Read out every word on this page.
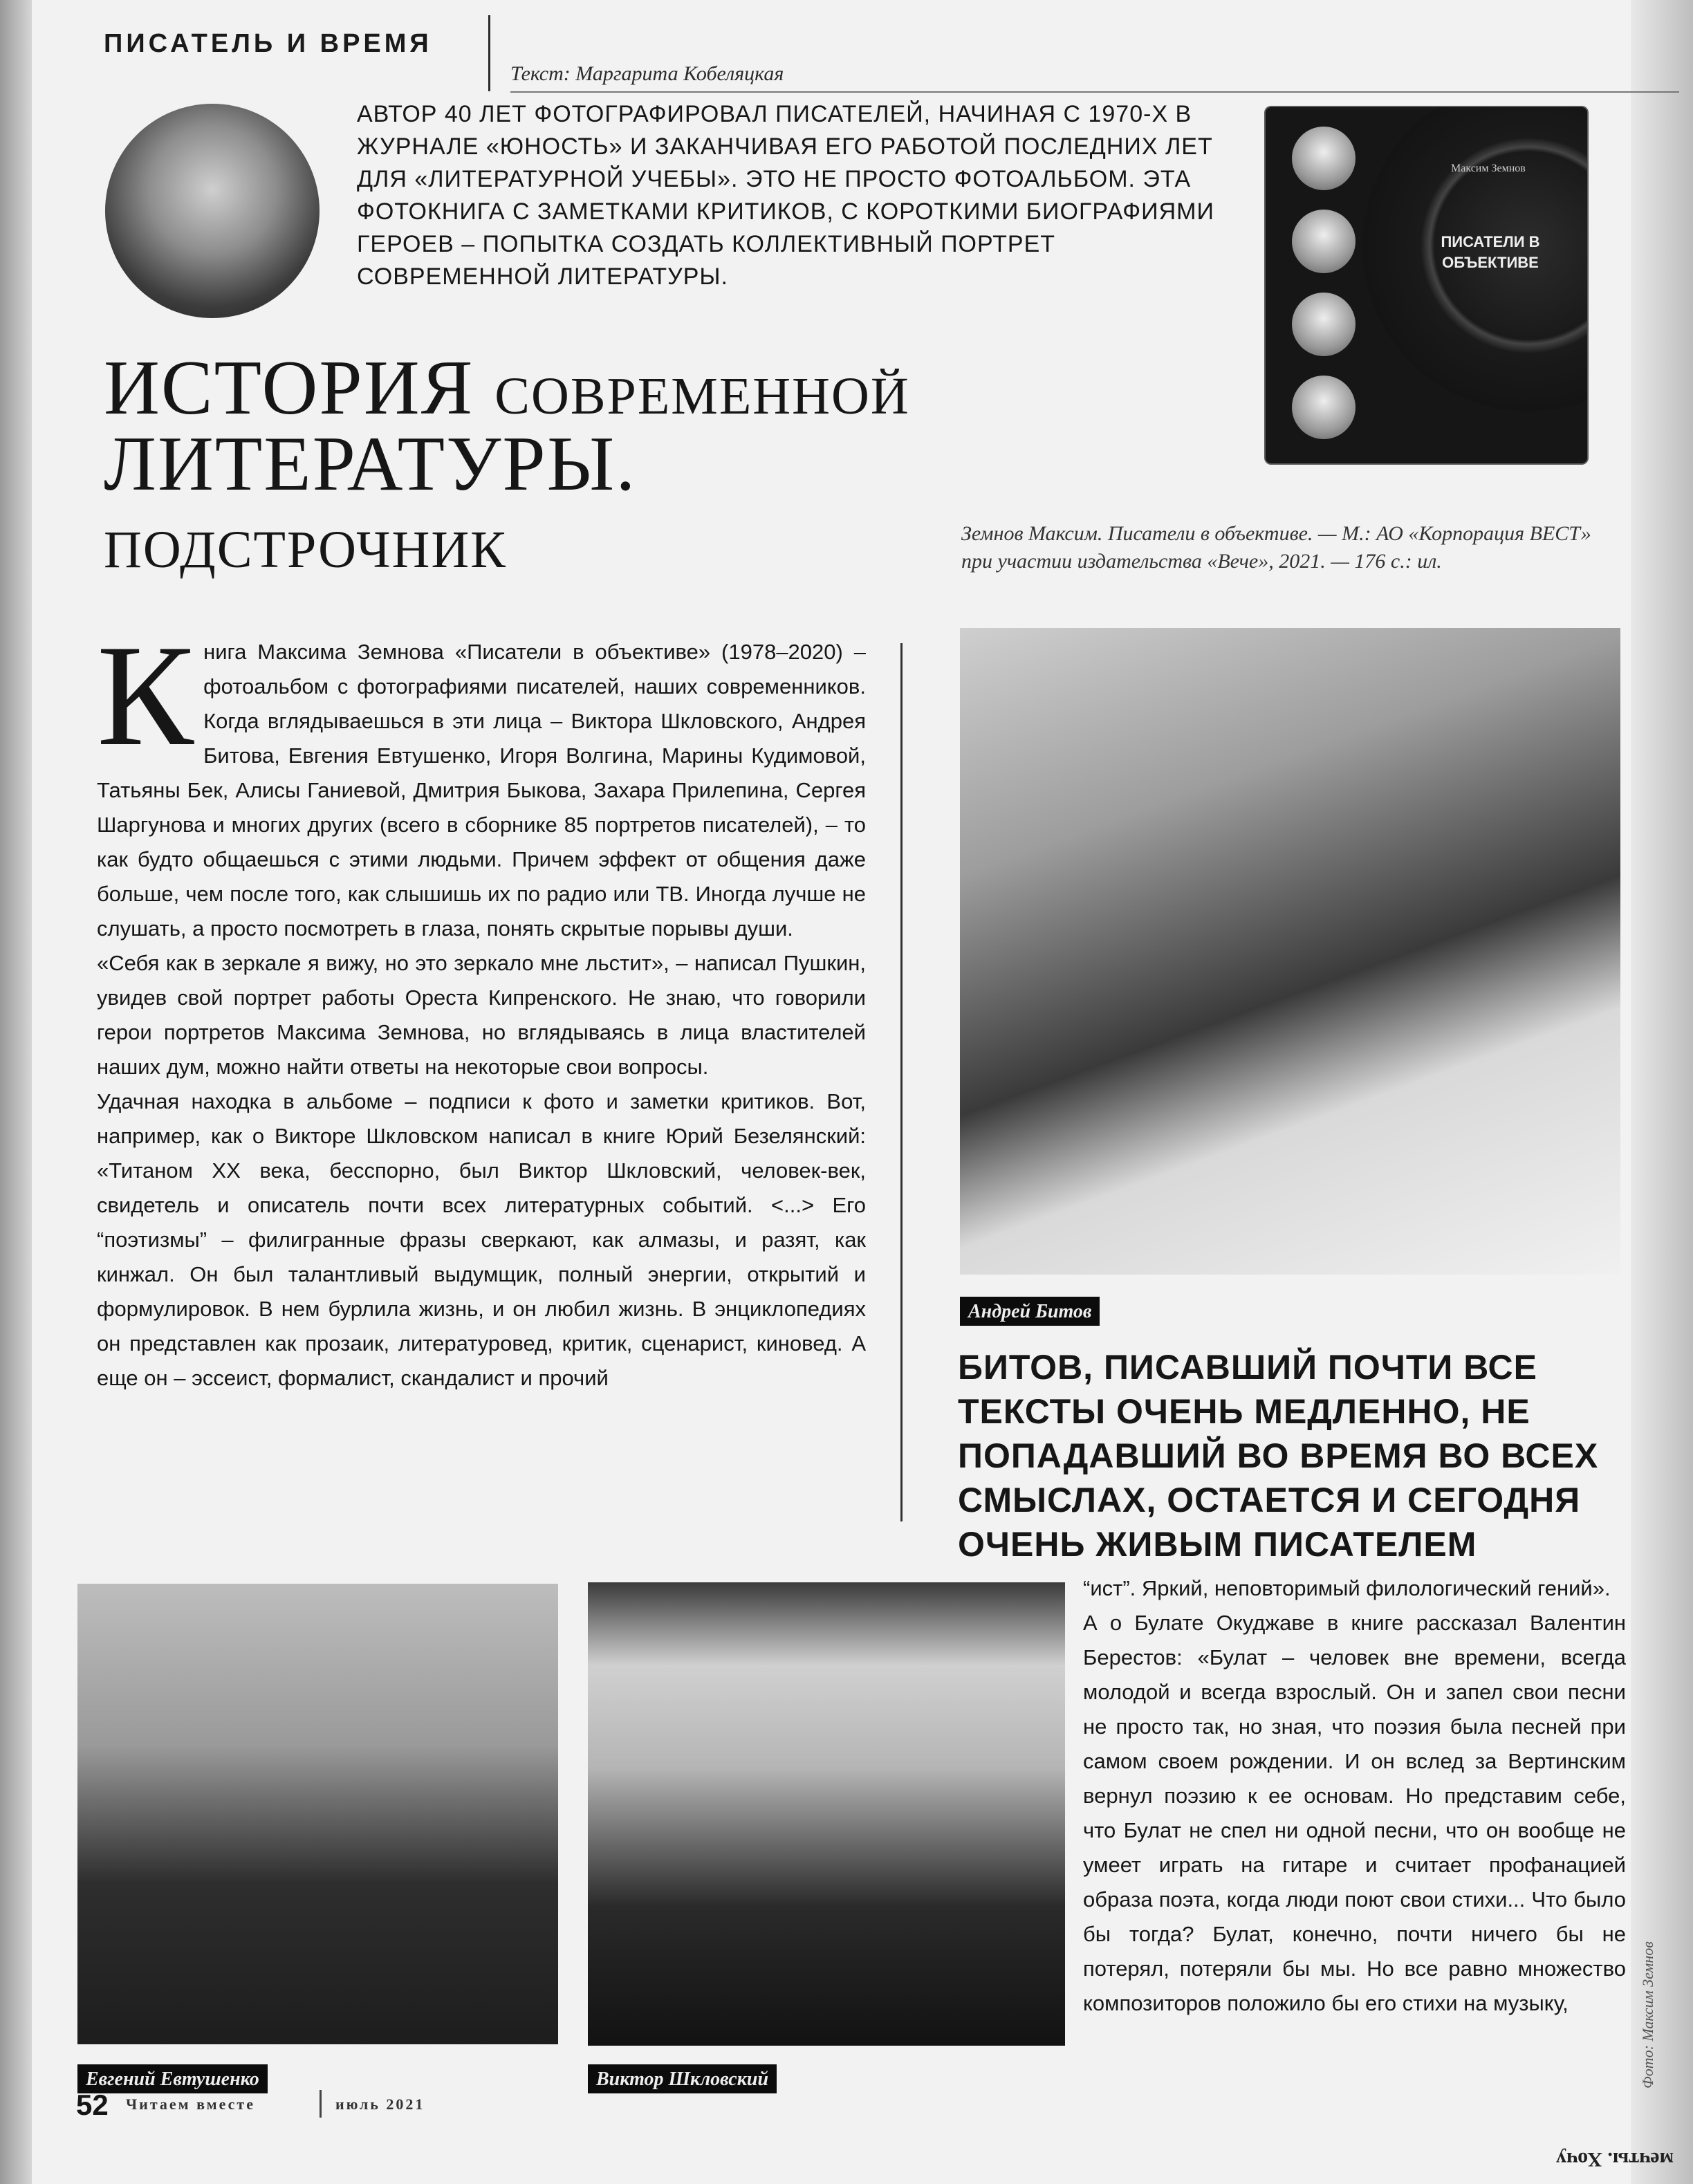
ПИСАТЕЛЬ И ВРЕМЯ
Текст: Маргарита Кобеляцкая
АВТОР 40 ЛЕТ ФОТОГРАФИРОВАЛ ПИСАТЕЛЕЙ, НАЧИНАЯ С 1970-Х В ЖУРНАЛЕ «ЮНОСТЬ» И ЗАКАНЧИВАЯ ЕГО РАБОТОЙ ПОСЛЕДНИХ ЛЕТ ДЛЯ «ЛИТЕРАТУРНОЙ УЧЕБЫ». ЭТО НЕ ПРОСТО ФОТОАЛЬБОМ. ЭТА ФОТОКНИГА С ЗАМЕТКАМИ КРИТИКОВ, С КОРОТКИМИ БИОГРАФИЯМИ ГЕРОЕВ – ПОПЫТКА СОЗДАТЬ КОЛЛЕКТИВНЫЙ ПОРТРЕТ СОВРЕМЕННОЙ ЛИТЕРАТУРЫ.
Максим Земнов
ПИСАТЕЛИ В ОБЪЕКТИВЕ
ИСТОРИЯ СОВРЕМЕННОЙ
ЛИТЕРАТУРЫ.
ПОДСТРОЧНИК	Земнов Максим. Писатели в объективе. — М.: АО «Корпорация ВЕСТ» при участии издательства «Вече», 2021. — 176 с.: ил.

Книга Максима Земнова «Писатели в объективе» (1978–2020) – фотоальбом с фотографиями писателей, наших современников. Когда вглядываешься в эти лица – Виктора Шкловского, Андрея Битова, Евгения Евтушенко, Игоря Волгина, Марины Кудимовой, Татьяны Бек, Алисы Ганиевой, Дмитрия Быкова, Захара Прилепина, Сергея Шаргунова и многих других (всего в сборнике 85 портретов писателей), – то как будто общаешься с этими людьми. Причем эффект от общения даже больше, чем после того, как слышишь их по радио или ТВ. Иногда лучше не слушать, а просто посмотреть в глаза, понять скрытые порывы души.

«Себя как в зеркале я вижу, но это зеркало мне льстит», – написал Пушкин, увидев свой портрет работы Ореста Кипренского. Не знаю, что говорили герои портретов Максима Земнова, но вглядываясь в лица властителей наших дум, можно найти ответы на некоторые свои вопросы.

Удачная находка в альбоме – подписи к фото и заметки критиков. Вот, например, как о Викторе Шкловском написал в книге Юрий Безелянский: «Титаном XX века, бесспорно, был Виктор Шкловский, человек-век, свидетель и описатель почти всех литературных событий. <...> Его “поэтизмы” – филигранные фразы сверкают, как алмазы, и разят, как кинжал. Он был талантливый выдумщик, полный энергии, открытий и формулировок. В нем бурлила жизнь, и он любил жизнь. В энциклопедиях он представлен как прозаик, литературовед, критик, сценарист, киновед. А еще он – эссеист, формалист, скандалист и прочий

Андрей Битов
БИТОВ, ПИСАВШИЙ ПОЧТИ ВСЕ ТЕКСТЫ ОЧЕНЬ МЕДЛЕННО, НЕ ПОПАДАВШИЙ ВО ВРЕМЯ ВО ВСЕХ СМЫСЛАХ, ОСТАЕТСЯ И СЕГОДНЯ ОЧЕНЬ ЖИВЫМ ПИСАТЕЛЕМ
Евгений Евтушенко	Виктор Шкловский

“ист”. Яркий, неповторимый филологический гений».

А о Булате Окуджаве в книге рассказал Валентин Берестов: «Булат – человек вне времени, всегда молодой и всегда взрослый. Он и запел свои песни не просто так, но зная, что поэзия была песней при самом своем рождении. И он вслед за Вертинским вернул поэзию к ее основам. Но представим себе, что Булат не спел ни одной песни, что он вообще не умеет играть на гитаре и считает профанацией образа поэта, когда люди поют свои стихи... Что было бы тогда? Булат, конечно, почти ничего бы не потерял, потеряли бы мы. Но все равно множество композиторов положило бы его стихи на музыку,	Фото: Максим Земнов
52 Читаем вместе	июль 2021
мечты. Хочу
